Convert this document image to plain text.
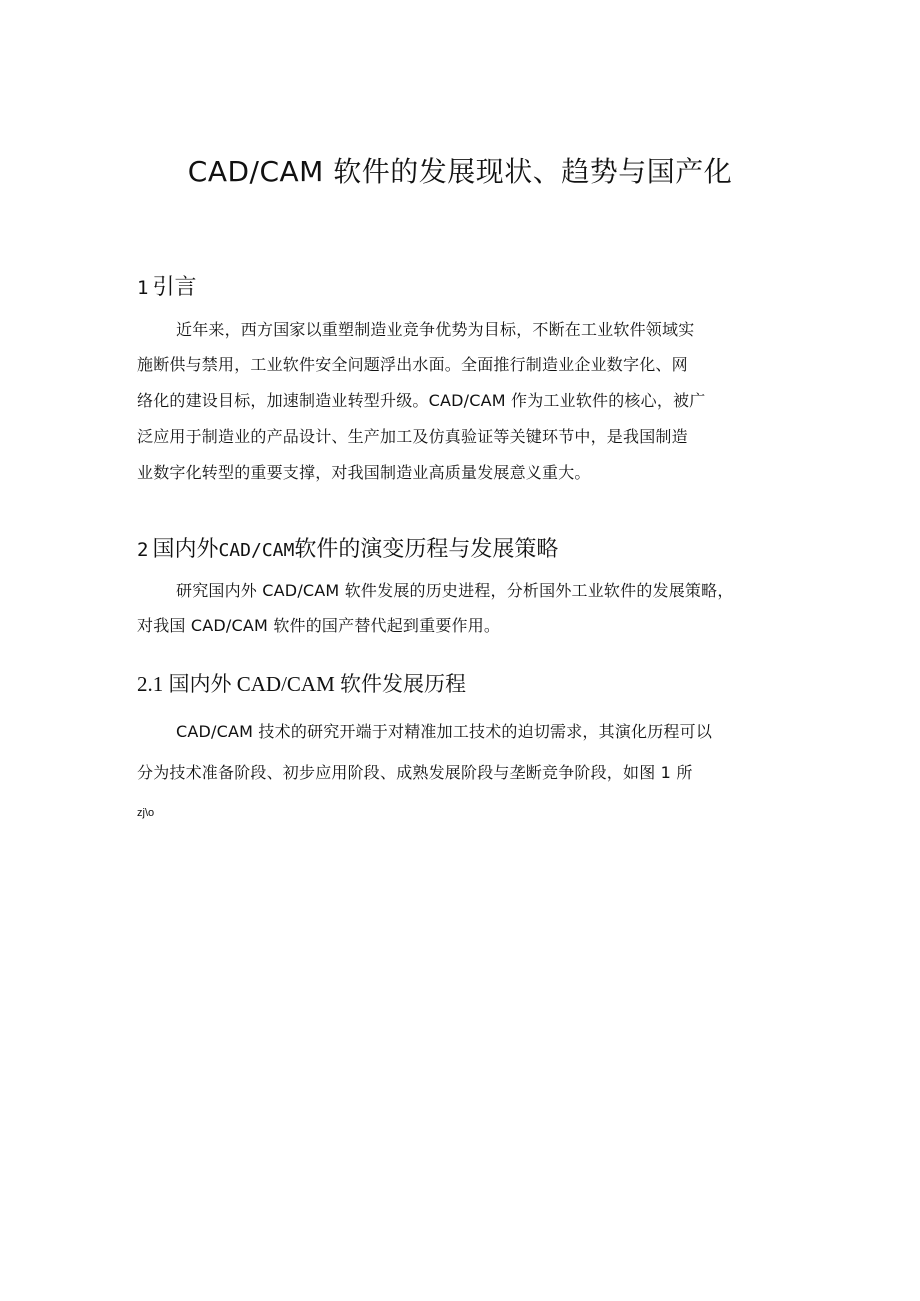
CAD/CAM 软件的发展现状、趋势与国产化
1 引言
近年来，西方国家以重塑制造业竞争优势为目标，不断在工业软件领域实
施断供与禁用，工业软件安全问题浮出水面。全面推行制造业企业数字化、网
络化的建设目标，加速制造业转型升级。CAD/CAM 作为工业软件的核心，被广
泛应用于制造业的产品设计、生产加工及仿真验证等关键环节中，是我国制造
业数字化转型的重要支撑，对我国制造业高质量发展意义重大。
2 国内外CAD/CAM软件的演变历程与发展策略
研究国内外 CAD/CAM 软件发展的历史进程，分析国外工业软件的发展策略，
对我国 CAD/CAM 软件的国产替代起到重要作用。
2.1 国内外 CAD/CAM 软件发展历程
CAD/CAM 技术的研究开端于对精准加工技术的迫切需求，其演化历程可以
分为技术准备阶段、初步应用阶段、成熟发展阶段与垄断竞争阶段，如图 1 所
zj\o
